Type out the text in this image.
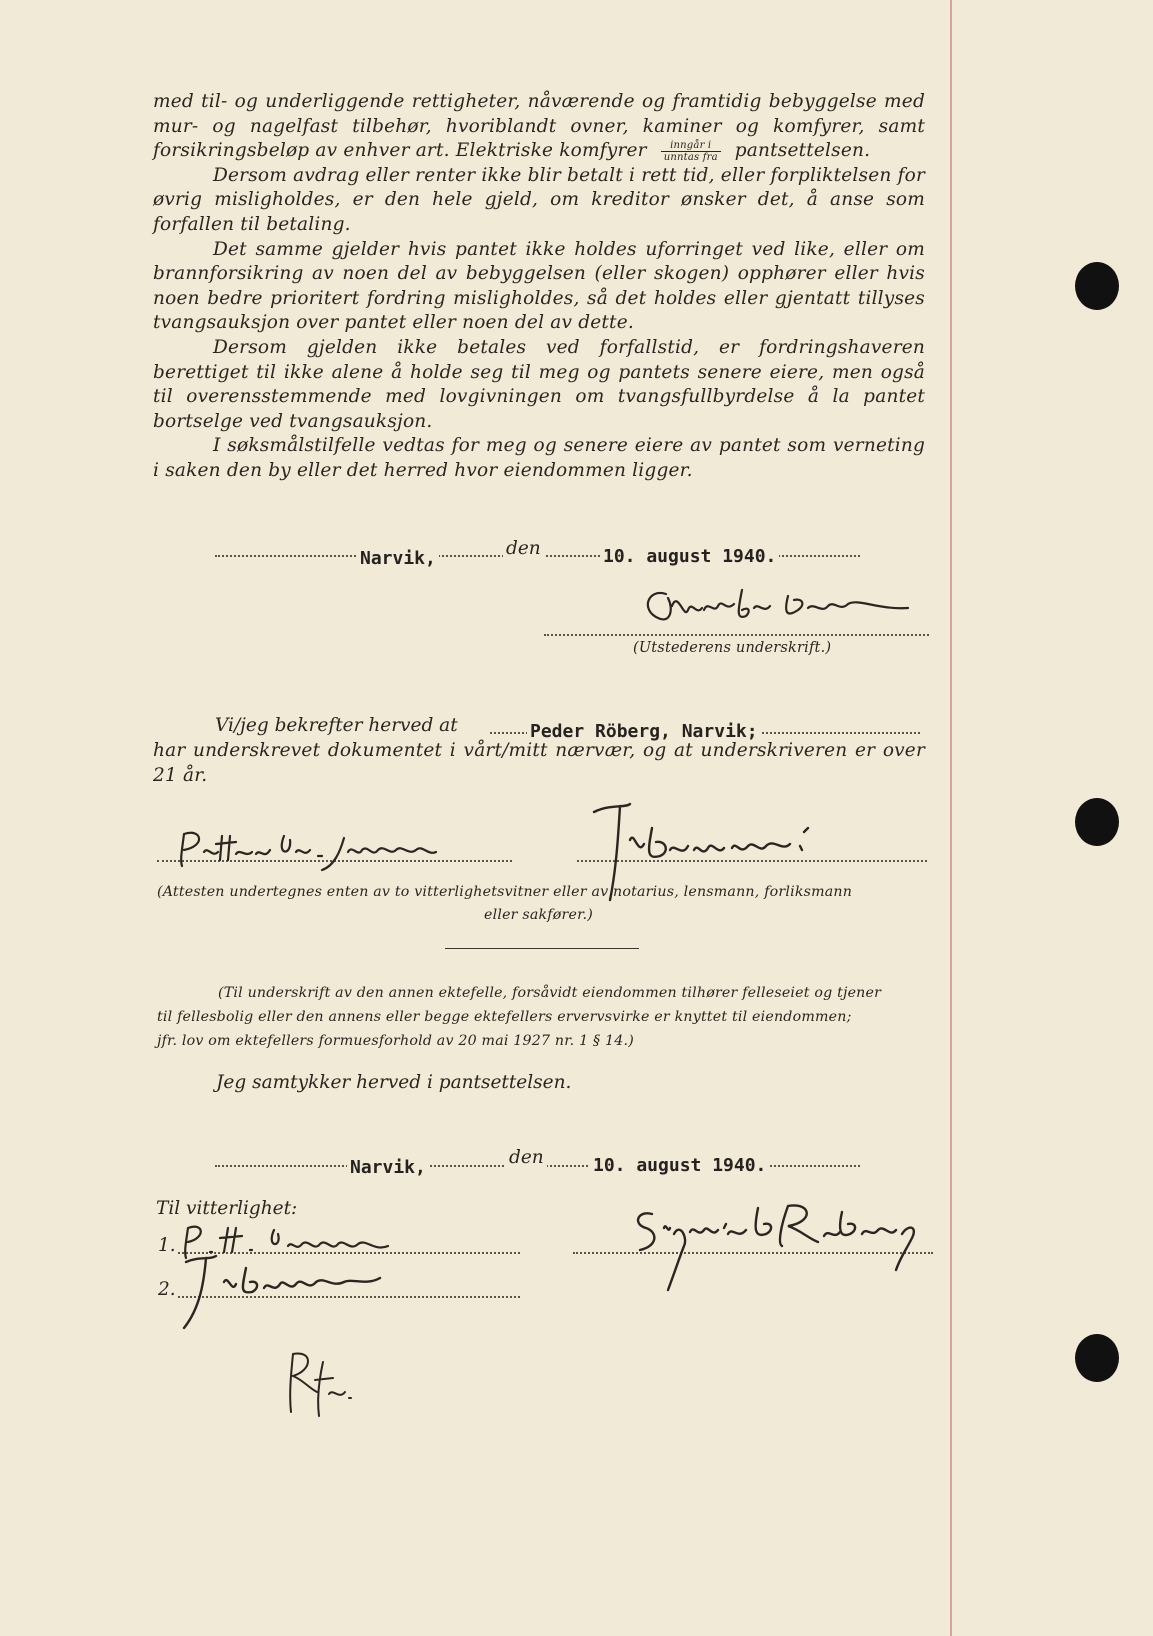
med til- og underliggende rettigheter, nåværende og framtidig bebyggelse med mur- og nagelfast tilbehør, hvoriblandt ovner, kaminer og komfyrer, samt forsikringsbeløp av enhver art. Elektriske komfyrer $\frac{\text{inngår i}}{\text{unntas fra}}$ pantsettelsen.

Dersom avdrag eller renter ikke blir betalt i rett tid, eller forpliktelsen for øvrig misligholdes, er den hele gjeld, om kreditor ønsker det, å anse som forfallen til betaling.

Det samme gjelder hvis pantet ikke holdes uforringet ved like, eller om brannforsikring av noen del av bebyggelsen (eller skogen) opphører eller hvis noen bedre prioritert fordring misligholdes, så det holdes eller gjentatt tillyses tvangsauksjon over pantet eller noen del av dette.

Dersom gjelden ikke betales ved forfallstid, er fordringshaveren berettiget til ikke alene å holde seg til meg og pantets senere eiere, men også til overensstemmende med lovgivningen om tvangsfullbyrdelse å la pantet bortselge ved tvangsauksjon.

I søksmålstilfelle vedtas for meg og senere eiere av pantet som verneting i saken den by eller det herred hvor eiendommen ligger.

Narvik,	den	10. august 1940.
(Utstederens underskrift.)
Vi/jeg bekrefter herved at	Peder Röberg, Narvik;

har underskrevet dokumentet i vårt/mitt nærvær, og at underskriveren er over 21 år.

(Attesten undertegnes enten av to vitterlighetsvitner eller av notarius, lensmann, forliksmann
eller sakfører.)
(Til underskrift av den annen ektefelle, forsåvidt eiendommen tilhører felleseiet og tjener
til fellesbolig eller den annens eller begge ektefellers ervervsvirke er knyttet til eiendommen;
jfr. lov om ektefellers formuesforhold av 20 mai 1927 nr. 1 § 14.)
Jeg samtykker herved i pantsettelsen.
Narvik,	den	10. august 1940.
Til vitterlighet:
1.
2.
